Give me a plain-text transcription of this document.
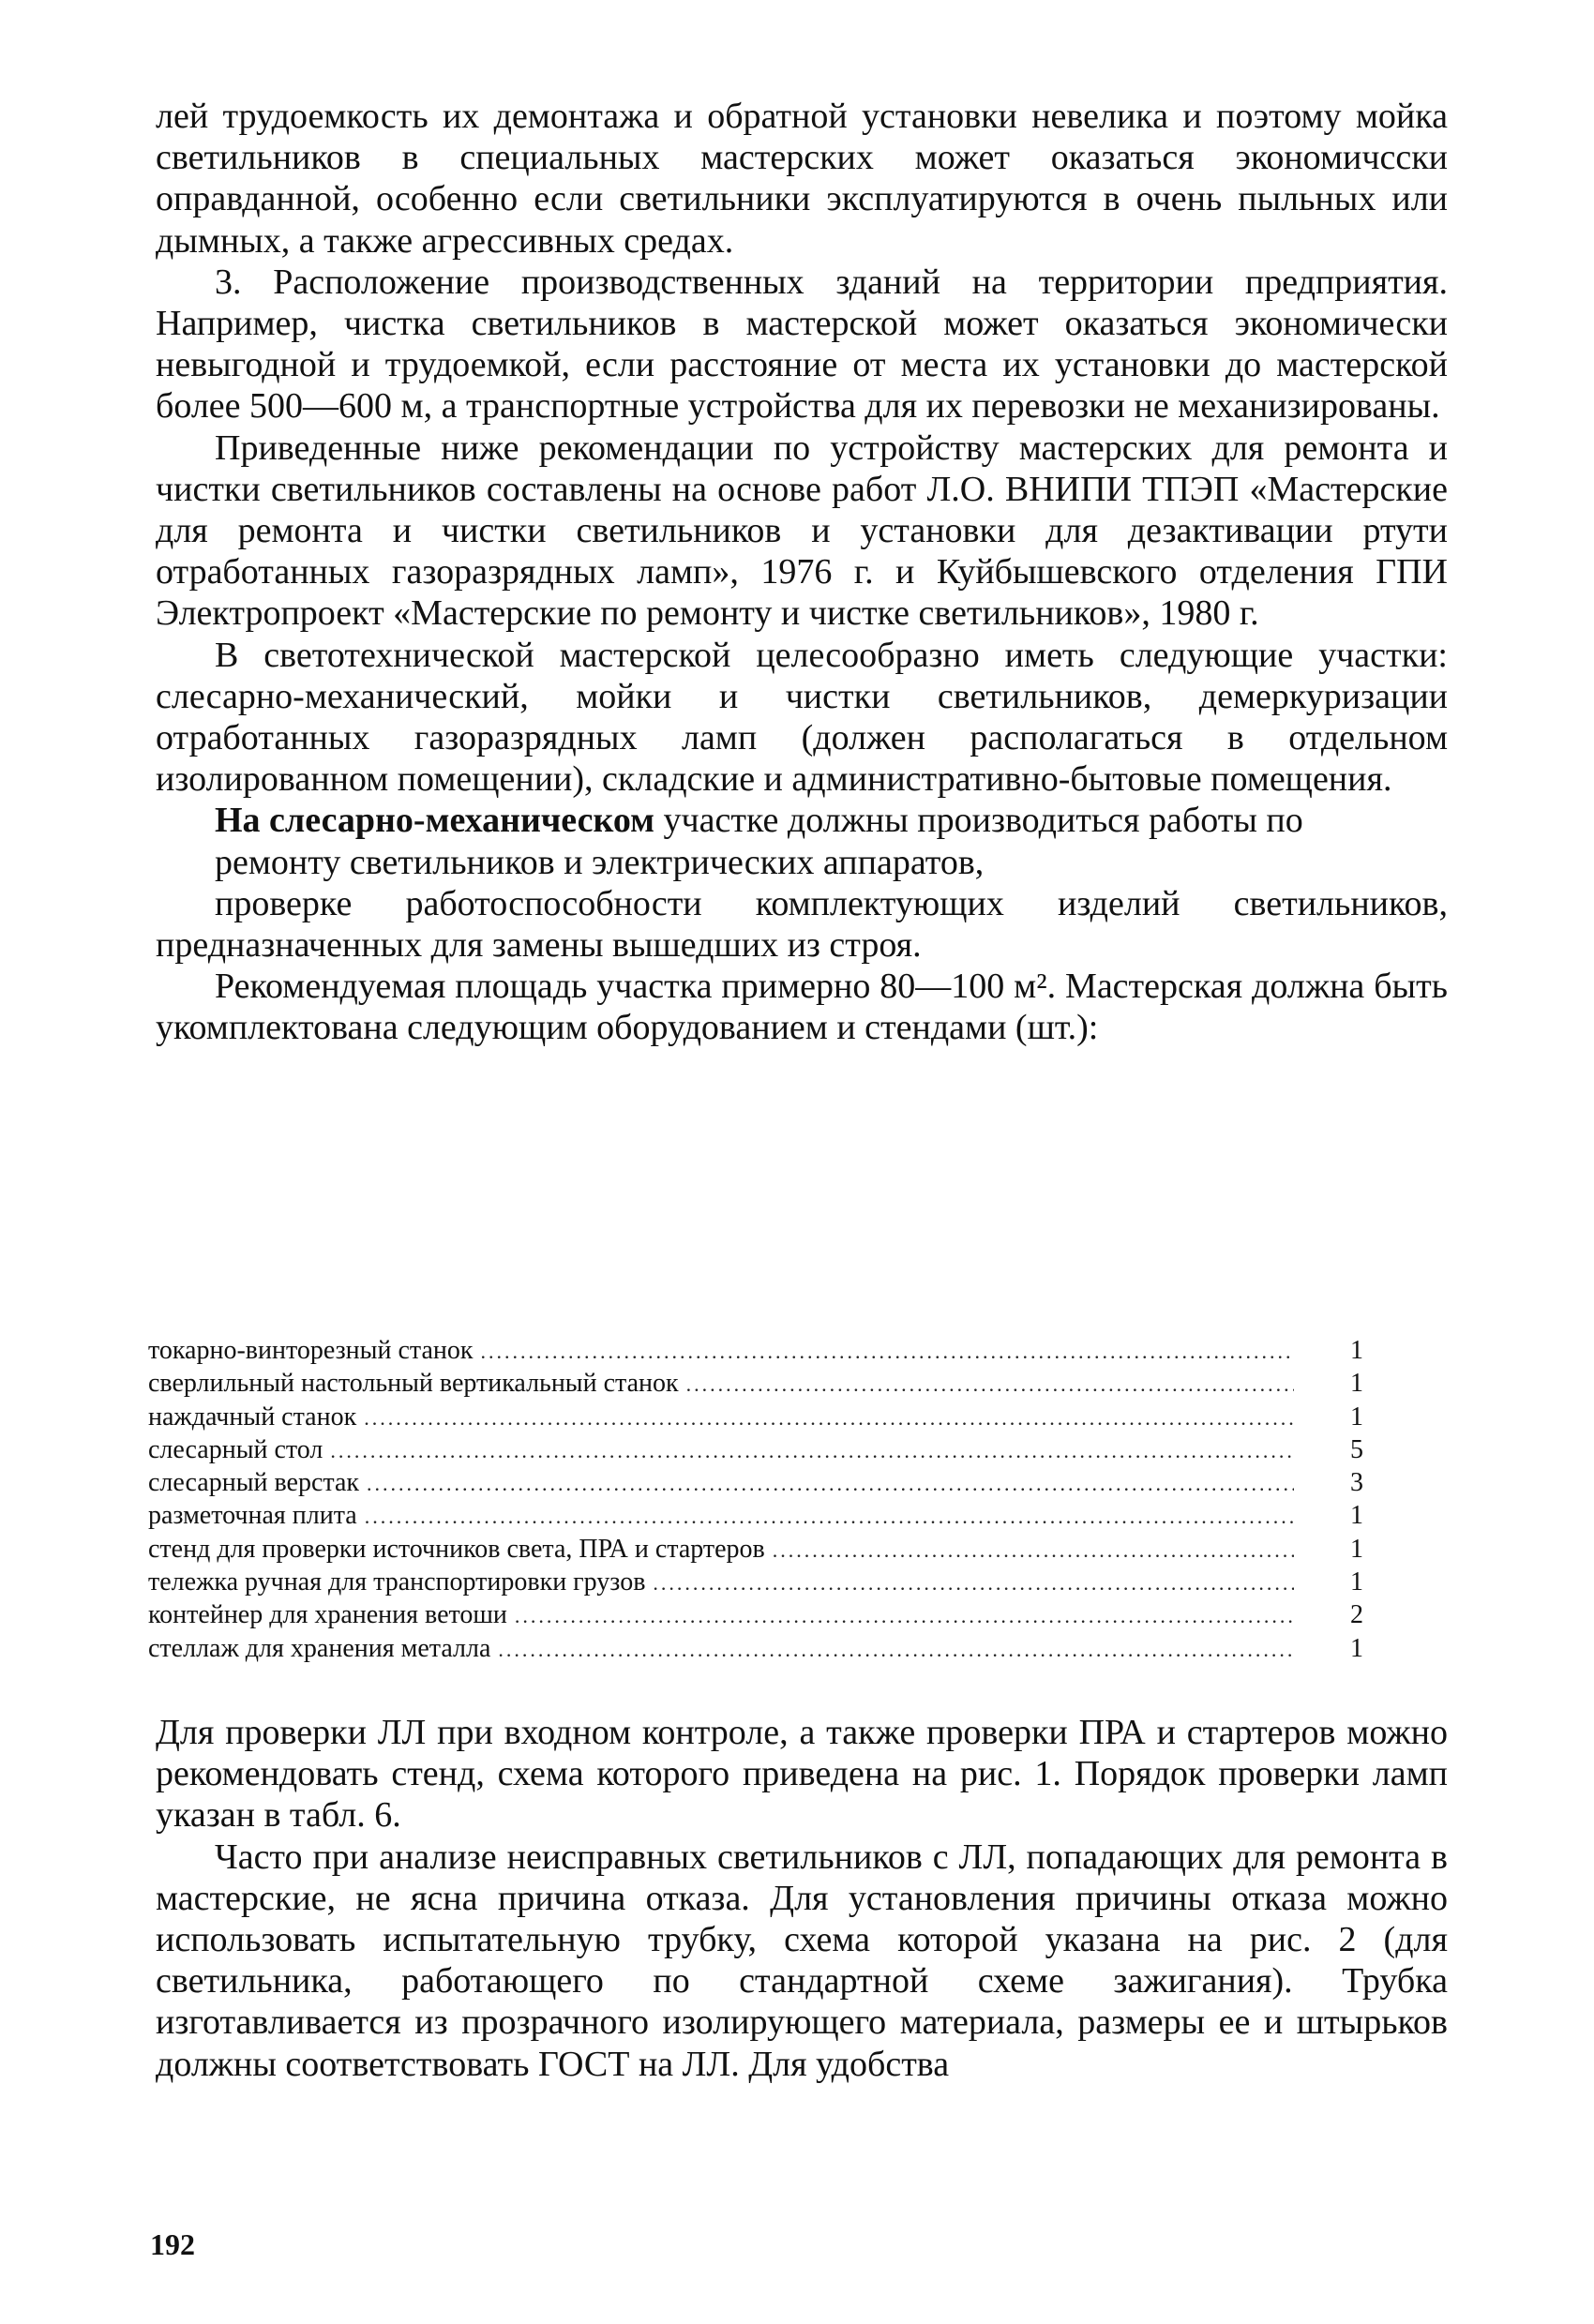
лей трудоемкость их демонтажа и обратной установки невелика и поэтому мойка светильников в специальных мастерских может оказаться экономичсски оправданной, особенно если светильники эксплуатируются в очень пыльных или дымных, а также агрессивных средах.

3. Расположение производственных зданий на территории предприятия. Например, чистка светильников в мастерской может оказаться экономически невыгодной и трудоемкой, если расстояние от места их установки до мастерской более 500—600 м, а транспортные устройства для их перевозки не механизированы.

Приведенные ниже рекомендации по устройству мастерских для ремонта и чистки светильников составлены на основе работ Л.О. ВНИПИ ТПЭП «Мастерские для ремонта и чистки светильников и установки для дезактивации ртути отработанных газоразрядных ламп», 1976 г. и Куйбышевского отделения ГПИ Электропроект «Мастерские по ремонту и чистке светильников», 1980 г.

В светотехнической мастерской целесообразно иметь следующие участки: слесарно-механический, мойки и чистки светильников, демеркуризации отработанных газоразрядных ламп (должен располагаться в отдельном изолированном помещении), складские и административно-бытовые помещения.

На слесарно-механическом участке должны производиться работы по

ремонту светильников и электрических аппаратов,

проверке работоспособности комплектующих изделий светильников, предназначенных для замены вышедших из строя.

Рекомендуемая площадь участка примерно 80—100 м². Мастерская должна быть укомплектована следующим оборудованием и стендами (шт.):

токарно-винторезный станок .....	1
сверлильный настольный вертикальный станок .....	1
наждачный станок .....	1
слесарный стол .....	5
слесарный верстак .....	3
разметочная плита .....	1
стенд для проверки источников света, ПРА и стартеров .....	1
тележка ручная для транспортировки грузов .....	1
контейнер для хранения ветоши .....	2
стеллаж для хранения металла .....	1

Для проверки ЛЛ при входном контроле, а также проверки ПРА и стартеров можно рекомендовать стенд, схема которого приведена на рис. 1. Порядок проверки ламп указан в табл. 6.

Часто при анализе неисправных светильников с ЛЛ, попадающих для ремонта в мастерские, не ясна причина отказа. Для установления причины отказа можно использовать испытательную трубку, схема которой указана на рис. 2 (для светильника, работающего по стандартной схеме зажигания). Трубка изготавливается из прозрачного изолирующего материала, размеры ее и штырьков должны соответствовать ГОСТ на ЛЛ. Для удобства

192
